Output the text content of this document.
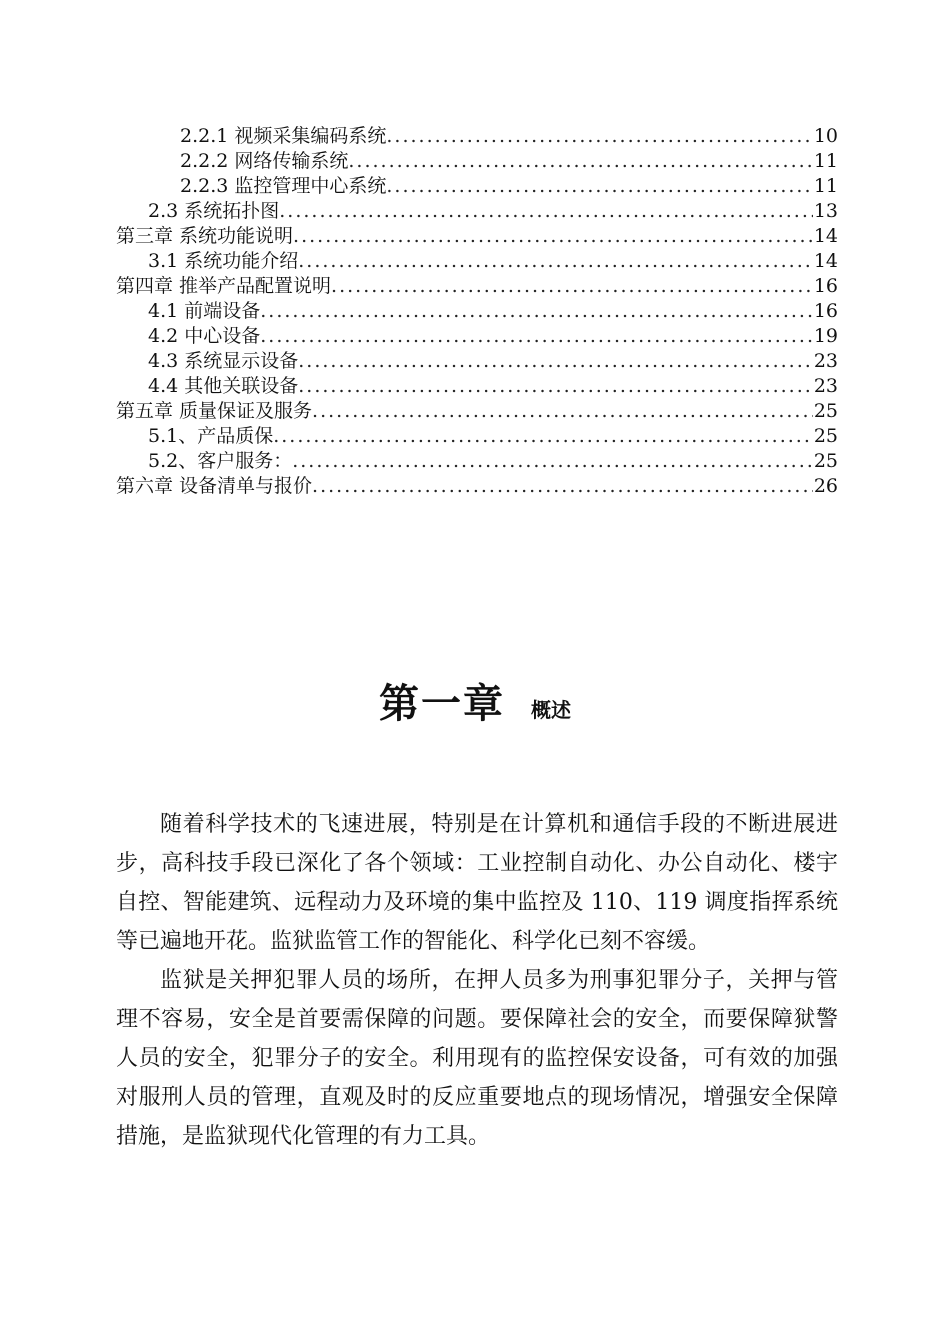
2.2.1 视频采集编码系统 .....	10
2.2.2 网络传输系统 .....	11
2.2.3 监控管理中心系统 .....	11
2.3 系统拓扑图 .....	13
第三章 系统功能说明 .....	14
3.1 系统功能介绍 .....	14
第四章 推举产品配置说明 .....	16
4.1 前端设备 .....	16
4.2 中心设备 .....	19
4.3 系统显示设备 .....	23
4.4 其他关联设备 .....	23
第五章 质量保证及服务 .....	25
5.1、产品质保 .....	25
5.2、客户服务： .....	25
第六章 设备清单与报价 .....	26
第一章 概述

随着科学技术的飞速进展，特别是在计算机和通信手段的不断进展进步，高科技手段已深化了各个领域：工业控制自动化、办公自动化、楼宇自控、智能建筑、远程动力及环境的集中监控及 110、119 调度指挥系统等已遍地开花。监狱监管工作的智能化、科学化已刻不容缓。

监狱是关押犯罪人员的场所，在押人员多为刑事犯罪分子，关押与管理不容易，安全是首要需保障的问题。要保障社会的安全，而要保障狱警人员的安全，犯罪分子的安全。利用现有的监控保安设备，可有效的加强对服刑人员的管理，直观及时的反应重要地点的现场情况，增强安全保障措施，是监狱现代化管理的有力工具。
